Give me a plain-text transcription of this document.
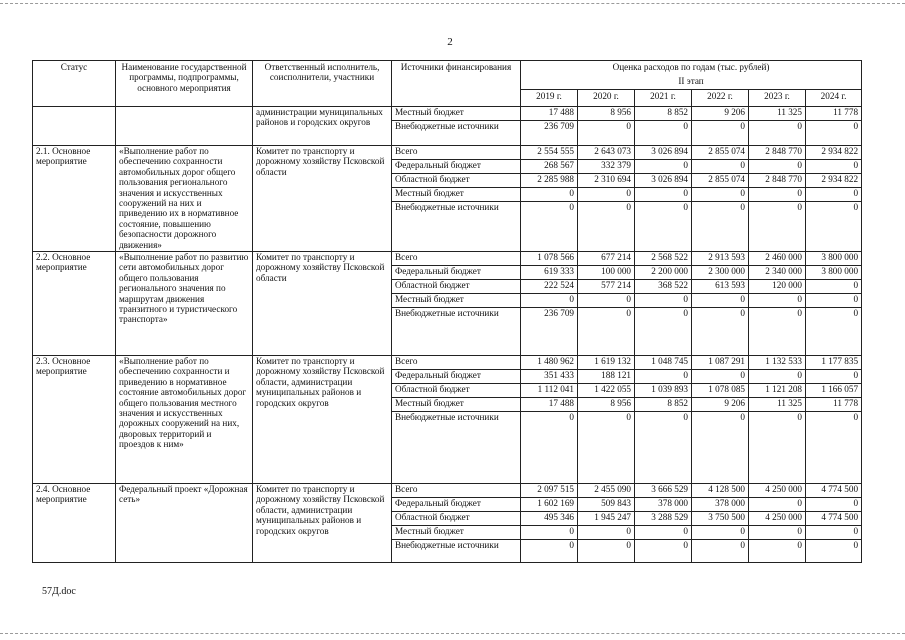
2
Статус	Наименование государственной программы, подпрограммы, основного мероприятия	Ответственный исполнитель, соисполнители, участники	Источники финансирования	Оценка расходов по годам (тыс. рублей)					
				II этап					
				2019 г.	2020 г.	2021 г.	2022 г.	2023 г.	2024 г.
		администрации муниципальных районов и городских округов	Местный бюджет	17 488	8 956	8 852	9 206	11 325	11 778
			Внебюджетные источники	236 709	0	0	0	0	0
2.1. Основное мероприятие	«Выполнение работ по обеспечению сохранности автомобильных дорог общего пользования регионального значения и искусственных сооружений на них и приведению их в нормативное состояние, повышению безопасности дорожного движения»	Комитет по транспорту и дорожному хозяйству Псковской области	Всего	2 554 555	2 643 073	3 026 894	2 855 074	2 848 770	2 934 822
			Федеральный бюджет	268 567	332 379	0	0	0	0
			Областной бюджет	2 285 988	2 310 694	3 026 894	2 855 074	2 848 770	2 934 822
			Местный бюджет	0	0	0	0	0	0
			Внебюджетные источники	0	0	0	0	0	0
2.2. Основное мероприятие	«Выполнение работ по развитию сети автомобильных дорог общего пользования регионального значения по маршрутам движения транзитного и туристического транспорта»	Комитет по транспорту и дорожному хозяйству Псковской области	Всего	1 078 566	677 214	2 568 522	2 913 593	2 460 000	3 800 000
			Федеральный бюджет	619 333	100 000	2 200 000	2 300 000	2 340 000	3 800 000
			Областной бюджет	222 524	577 214	368 522	613 593	120 000	0
			Местный бюджет	0	0	0	0	0	0
			Внебюджетные источники	236 709	0	0	0	0	0
2.3. Основное мероприятие	«Выполнение работ по обеспечению сохранности и приведению в нормативное состояние автомобильных дорог общего пользования местного значения и искусственных дорожных сооружений на них, дворовых территорий и проездов к ним»	Комитет по транспорту и дорожному хозяйству Псковской области, администрации муниципальных районов и городских округов	Всего	1 480 962	1 619 132	1 048 745	1 087 291	1 132 533	1 177 835
			Федеральный бюджет	351 433	188 121	0	0	0	0
			Областной бюджет	1 112 041	1 422 055	1 039 893	1 078 085	1 121 208	1 166 057
			Местный бюджет	17 488	8 956	8 852	9 206	11 325	11 778
			Внебюджетные источники	0	0	0	0	0	0
2.4. Основное мероприятие	Федеральный проект «Дорожная сеть»	Комитет по транспорту и дорожному хозяйству Псковской области, администрации муниципальных районов и городских округов	Всего	2 097 515	2 455 090	3 666 529	4 128 500	4 250 000	4 774 500
			Федеральный бюджет	1 602 169	509 843	378 000	378 000	0	0
			Областной бюджет	495 346	1 945 247	3 288 529	3 750 500	4 250 000	4 774 500
			Местный бюджет	0	0	0	0	0	0
			Внебюджетные источники	0	0	0	0	0	0
57Д.doc
